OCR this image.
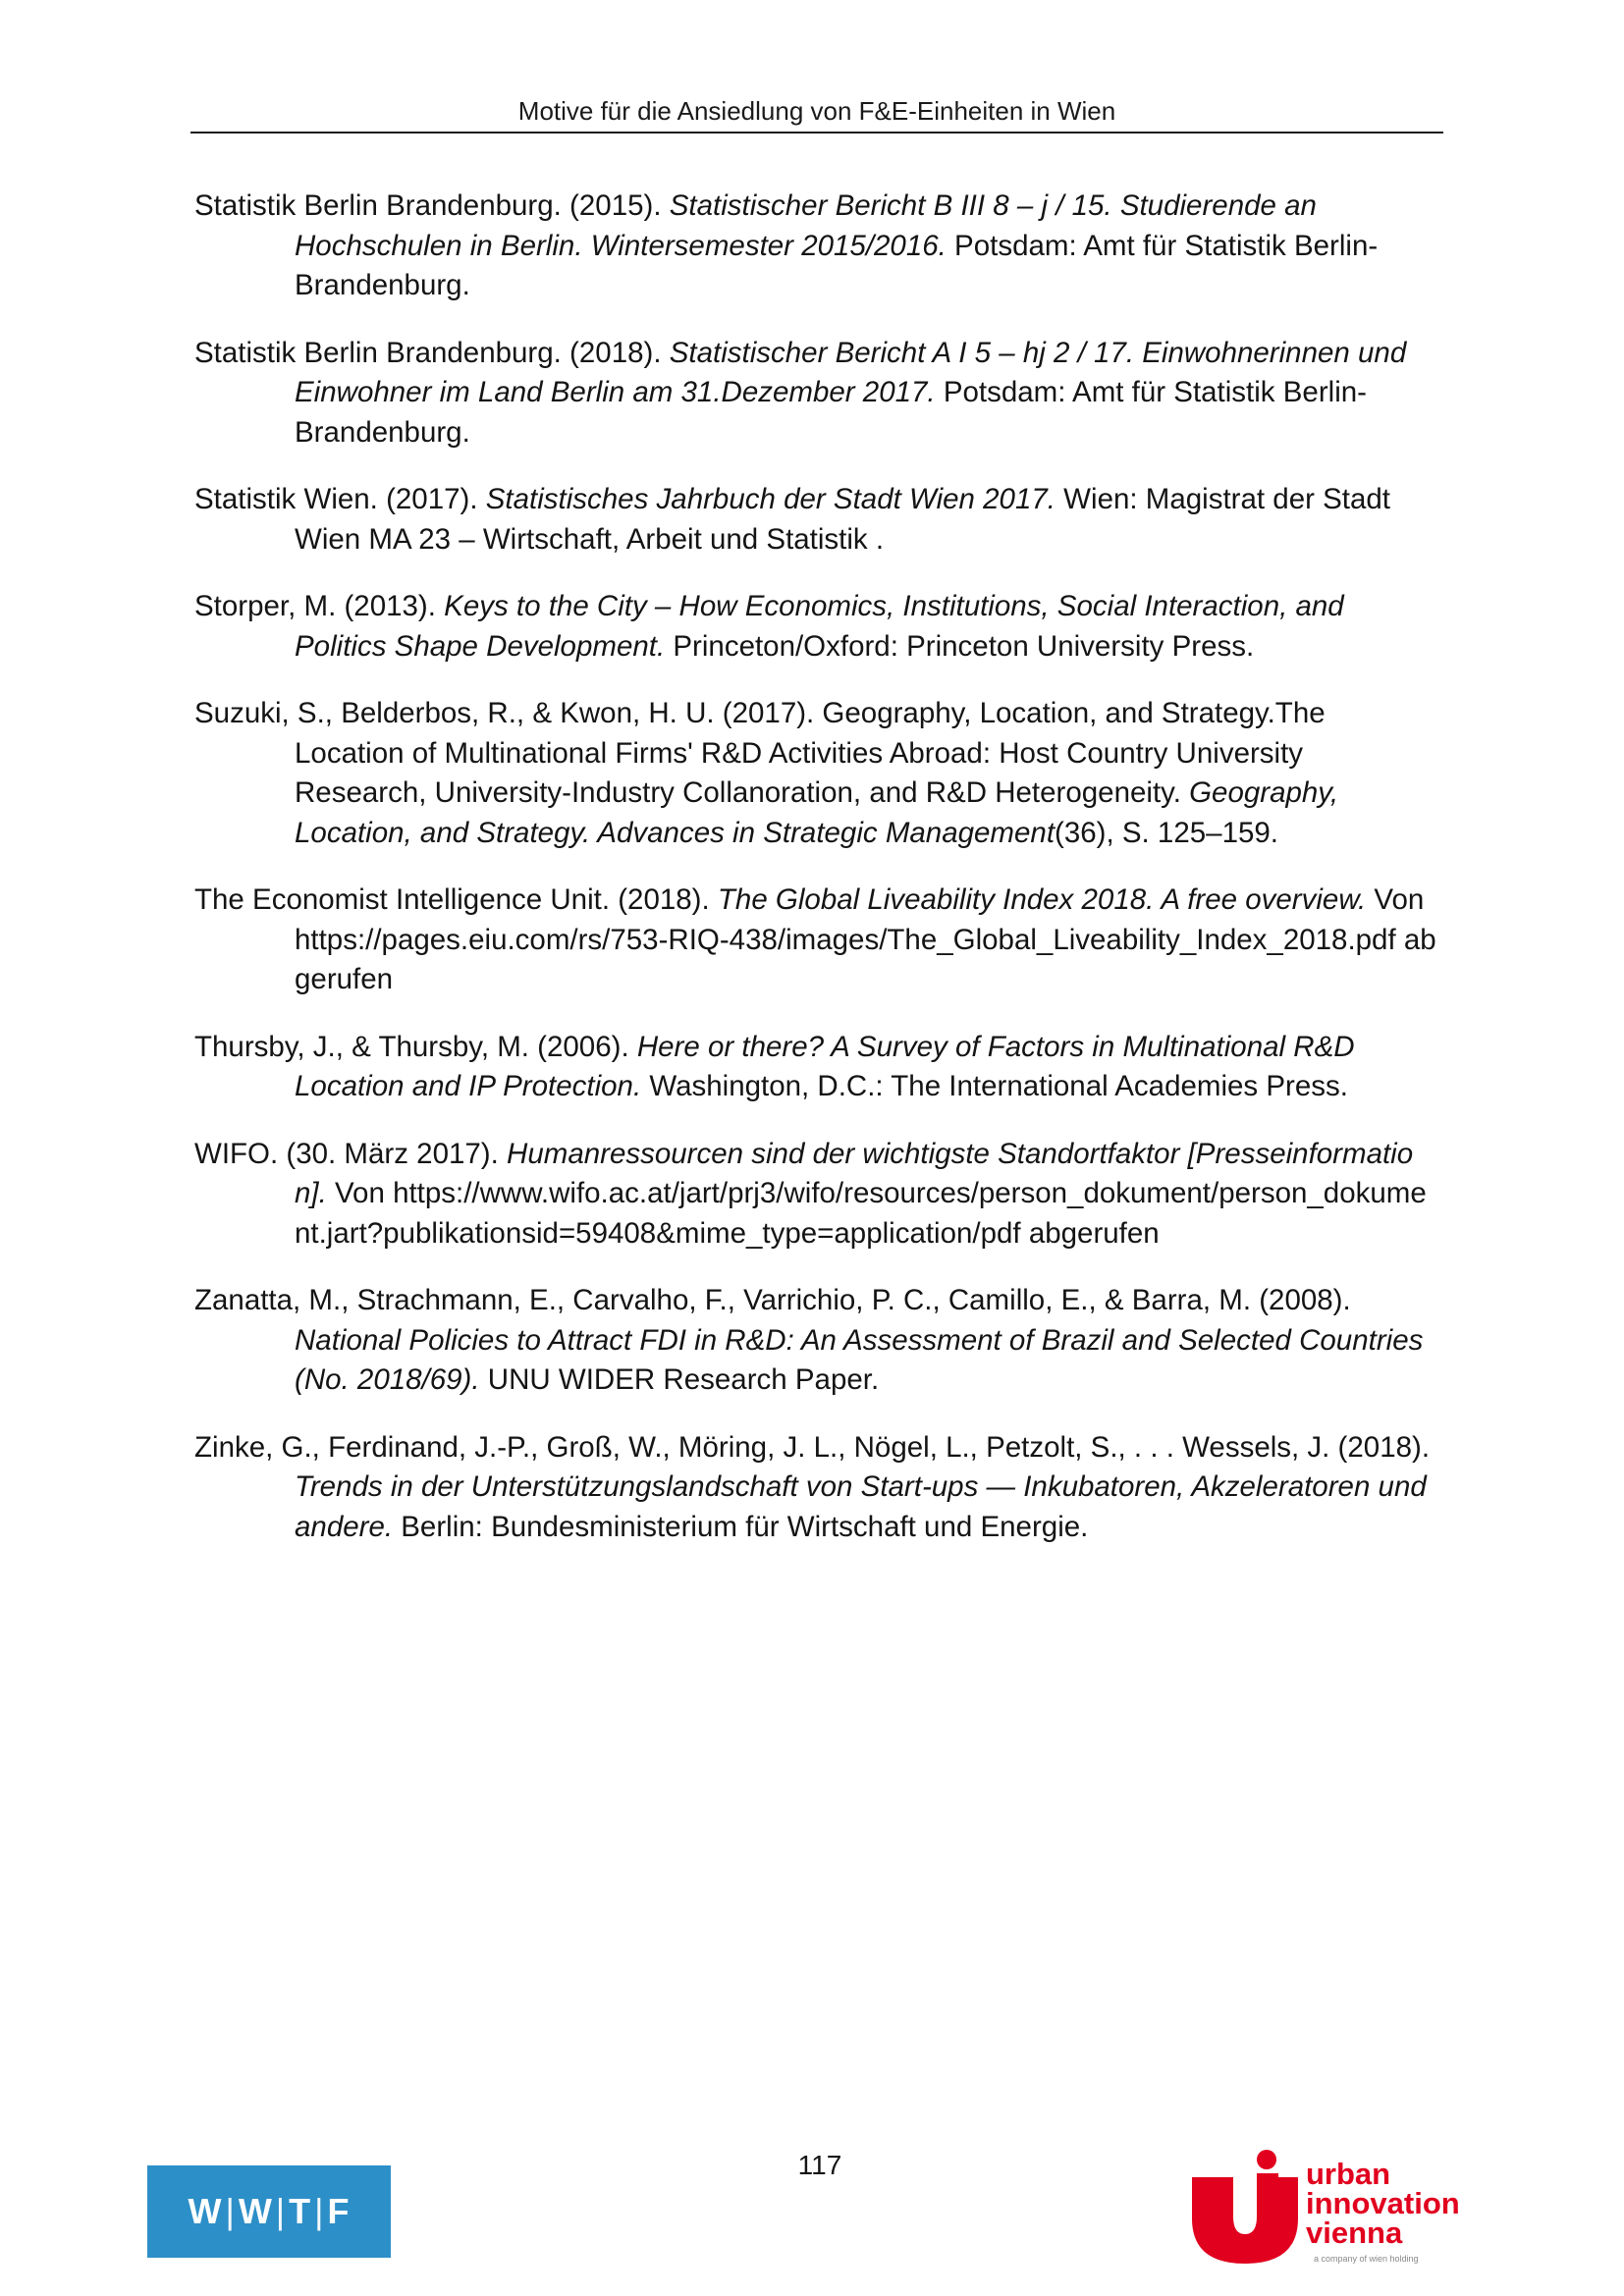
Motive für die Ansiedlung von F&E-Einheiten in Wien

Statistik Berlin Brandenburg. (2015). Statistischer Bericht B III 8 – j / 15. Studierende an Hochschulen in Berlin. Wintersemester 2015/2016. Potsdam: Amt für Statistik Berlin-Brandenburg.

Statistik Berlin Brandenburg. (2018). Statistischer Bericht A I 5 – hj 2 / 17. Einwohnerinnen und Einwohner im Land Berlin am 31.Dezember 2017. Potsdam: Amt für Statistik Berlin-Brandenburg.

Statistik Wien. (2017). Statistisches Jahrbuch der Stadt Wien 2017. Wien: Magistrat der Stadt Wien MA 23 – Wirtschaft, Arbeit und Statistik .

Storper, M. (2013). Keys to the City – How Economics, Institutions, Social Interaction, and Politics Shape Development. Princeton/Oxford: Princeton University Press.

Suzuki, S., Belderbos, R., & Kwon, H. U. (2017). Geography, Location, and Strategy.The Location of Multinational Firms' R&D Activities Abroad: Host Country University Research, University-Industry Collanoration, and R&D Heterogeneity. Geography, Location, and Strategy. Advances in Strategic Management(36), S. 125–159.

The Economist Intelligence Unit. (2018). The Global Liveability Index 2018. A free overview. Von https://pages.eiu.com/rs/753-RIQ-438/images/The_Global_Liveability_Index_2018.pdf abgerufen

Thursby, J., & Thursby, M. (2006). Here or there? A Survey of Factors in Multinational R&D Location and IP Protection. Washington, D.C.: The International Academies Press.

WIFO. (30. März 2017). Humanressourcen sind der wichtigste Standortfaktor [Presseinformation]. Von https://www.wifo.ac.at/jart/prj3/wifo/resources/person_dokument/person_dokument.jart?publikationsid=59408&mime_type=application/pdf abgerufen

Zanatta, M., Strachmann, E., Carvalho, F., Varrichio, P. C., Camillo, E., & Barra, M. (2008). National Policies to Attract FDI in R&D: An Assessment of Brazil and Selected Countries (No. 2018/69). UNU WIDER Research Paper.

Zinke, G., Ferdinand, J.-P., Groß, W., Möring, J. L., Nögel, L., Petzolt, S., . . . Wessels, J. (2018). Trends in der Unterstützungslandschaft von Start-ups — Inkubatoren, Akzeleratoren und andere. Berlin: Bundesministerium für Wirtschaft und Energie.

117
W | W | T | F
urban
innovation
vienna
a company of wien holding
